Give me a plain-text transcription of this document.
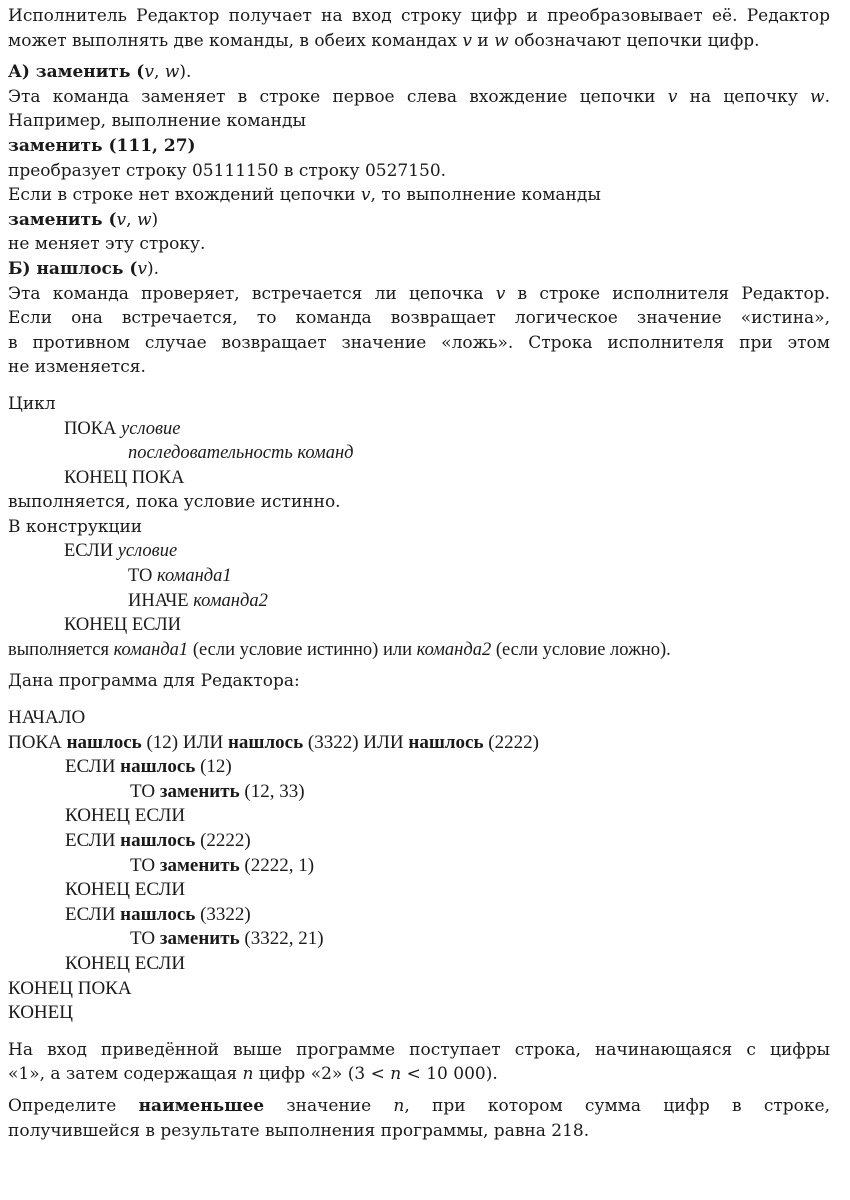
Исполнитель Редактор получает на вход строку цифр и преобразовывает её. Редактор
может выполнять две команды, в обеих командах v и w обозначают цепочки цифр.
А) заменить (v, w).
Эта команда заменяет в строке первое слева вхождение цепочки v на цепочку w.
Например, выполнение команды
заменить (111, 27)
преобразует строку 05111150 в строку 0527150.
Если в строке нет вхождений цепочки v, то выполнение команды
заменить (v, w)
не меняет эту строку.
Б) нашлось (v).
Эта команда проверяет, встречается ли цепочка v в строке исполнителя Редактор.
Если она встречается, то команда возвращает логическое значение «истина»,
в противном случае возвращает значение «ложь». Строка исполнителя при этом
не изменяется.
Цикл
ПОКА условие
последовательность команд
КОНЕЦ ПОКА
выполняется, пока условие истинно.
В конструкции
ЕСЛИ условие
ТО команда1
ИНАЧЕ команда2
КОНЕЦ ЕСЛИ
выполняется команда1 (если условие истинно) или команда2 (если условие ложно).
Дана программа для Редактора:
НАЧАЛО
ПОКА нашлось (12) ИЛИ нашлось (3322) ИЛИ нашлось (2222)
ЕСЛИ нашлось (12)
ТО заменить (12, 33)
КОНЕЦ ЕСЛИ
ЕСЛИ нашлось (2222)
ТО заменить (2222, 1)
КОНЕЦ ЕСЛИ
ЕСЛИ нашлось (3322)
ТО заменить (3322, 21)
КОНЕЦ ЕСЛИ
КОНЕЦ ПОКА
КОНЕЦ
На вход приведённой выше программе поступает строка, начинающаяся с цифры
«1», а затем содержащая n цифр «2» (3 < n < 10 000).
Определите наименьшее значение n, при котором сумма цифр в строке,
получившейся в результате выполнения программы, равна 218.
